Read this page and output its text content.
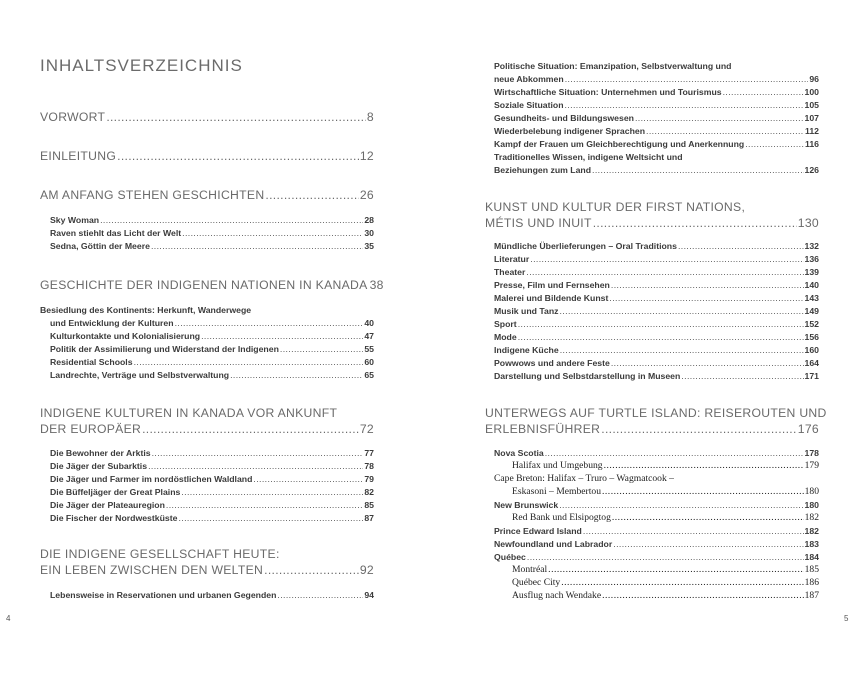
INHALTSVERZEICHNIS
VORWORT .....	8
EINLEITUNG .....	12
AM ANFANG STEHEN GESCHICHTEN .....	26
Sky Woman .....	28
Raven stiehlt das Licht der Welt .....	30
Sedna, Göttin der Meere .....	35
GESCHICHTE DER INDIGENEN NATIONEN IN KANADA 38
Besiedlung des Kontinents: Herkunft, Wanderwege
und Entwicklung der Kulturen .....	40
Kulturkontakte und Kolonialisierung .....	47
Politik der Assimilierung und Widerstand der Indigenen .....	55
Residential Schools .....	60
Landrechte, Verträge und Selbstverwaltung .....	65
INDIGENE KULTUREN IN KANADA VOR ANKUNFT
DER EUROPÄER .....	72
Die Bewohner der Arktis .....	77
Die Jäger der Subarktis .....	78
Die Jäger und Farmer im nordöstlichen Waldland .....	79
Die Büffeljäger der Great Plains .....	82
Die Jäger der Plateauregion .....	85
Die Fischer der Nordwestküste .....	87
DIE INDIGENE GESELLSCHAFT HEUTE:
EIN LEBEN ZWISCHEN DEN WELTEN .....	92
Lebensweise in Reservationen und urbanen Gegenden .....	94
4
Politische Situation: Emanzipation, Selbstverwaltung und
neue Abkommen .....	96
Wirtschaftliche Situation: Unternehmen und Tourismus .....	100
Soziale Situation .....	105
Gesundheits- und Bildungswesen .....	107
Wiederbelebung indigener Sprachen .....	112
Kampf der Frauen um Gleichberechtigung und Anerkennung .....	116
Traditionelles Wissen, indigene Weltsicht und
Beziehungen zum Land .....	126
KUNST UND KULTUR DER FIRST NATIONS,
MÉTIS UND INUIT .....	130
Mündliche Überlieferungen – Oral Traditions .....	132
Literatur .....	136
Theater .....	139
Presse, Film und Fernsehen .....	140
Malerei und Bildende Kunst .....	143
Musik und Tanz .....	149
Sport .....	152
Mode .....	156
Indigene Küche .....	160
Powwows und andere Feste .....	164
Darstellung und Selbstdarstellung in Museen .....	171
UNTERWEGS AUF TURTLE ISLAND: REISEROUTEN UND
ERLEBNISFÜHRER .....	176
Nova Scotia .....	178
Halifax und Umgebung .....	179
Cape Breton: Halifax – Truro – Wagmatcook –
Eskasoni – Membertou .....	180
New Brunswick .....	180
Red Bank und Elsipogtog .....	182
Prince Edward Island .....	182
Newfoundland und Labrador .....	183
Québec .....	184
Montréal .....	185
Québec City .....	186
Ausflug nach Wendake .....	187
5
